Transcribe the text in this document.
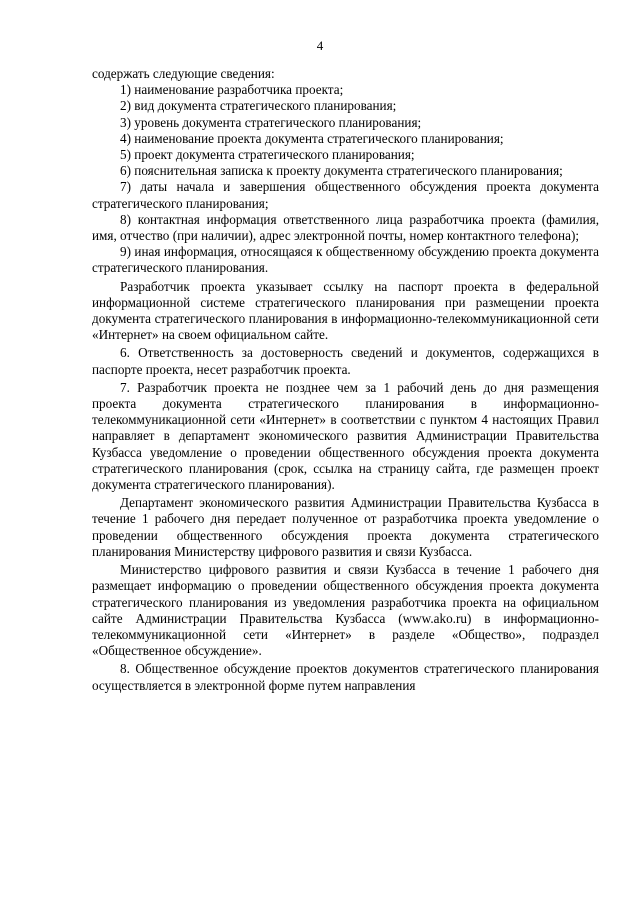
4

содержать следующие сведения:

1) наименование разработчика проекта;

2) вид документа стратегического планирования;

3) уровень документа стратегического планирования;

4) наименование проекта документа стратегического планирования;

5) проект документа стратегического планирования;

6) пояснительная записка к проекту документа стратегического планирования;

7) даты начала и завершения общественного обсуждения проекта документа стратегического планирования;

8) контактная информация ответственного лица разработчика проекта (фамилия, имя, отчество (при наличии), адрес электронной почты, номер контактного телефона);

9) иная информация, относящаяся к общественному обсуждению проекта документа стратегического планирования.

Разработчик проекта указывает ссылку на паспорт проекта в федеральной информационной системе стратегического планирования при размещении проекта документа стратегического планирования в информационно-телекоммуникационной сети «Интернет» на своем официальном сайте.

6. Ответственность за достоверность сведений и документов, содержащихся в паспорте проекта, несет разработчик проекта.

7. Разработчик проекта не позднее чем за 1 рабочий день до дня размещения проекта документа стратегического планирования в информационно-телекоммуникационной сети «Интернет» в соответствии с пунктом 4 настоящих Правил направляет в департамент экономического развития Администрации Правительства Кузбасса уведомление о проведении общественного обсуждения проекта документа стратегического планирования (срок, ссылка на страницу сайта, где размещен проект документа стратегического планирования).

Департамент экономического развития Администрации Правительства Кузбасса в течение 1 рабочего дня передает полученное от разработчика проекта уведомление о проведении общественного обсуждения проекта документа стратегического планирования Министерству цифрового развития и связи Кузбасса.

Министерство цифрового развития и связи Кузбасса в течение 1 рабочего дня размещает информацию о проведении общественного обсуждения проекта документа стратегического планирования из уведомления разработчика проекта на официальном сайте Администрации Правительства Кузбасса (www.ako.ru) в информационно-телекоммуникационной сети «Интернет» в разделе «Общество», подраздел «Общественное обсуждение».

8. Общественное обсуждение проектов документов стратегического планирования осуществляется в электронной форме путем направления
